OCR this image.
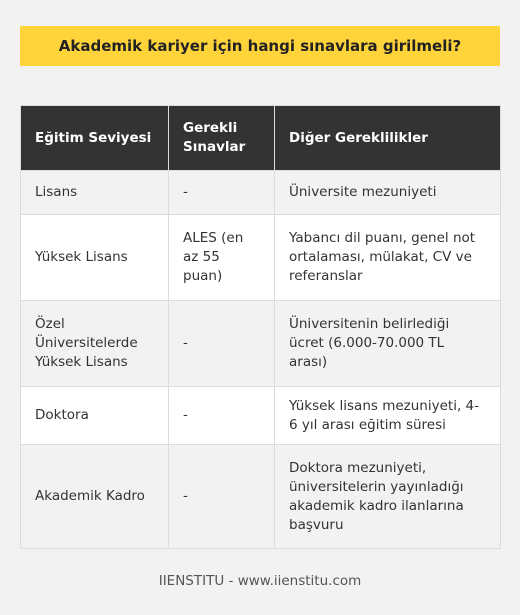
Akademik kariyer için hangi sınavlara girilmeli?
Eğitim Seviyesi	Gerekli Sınavlar	Diğer Gereklilikler
Lisans	-	Üniversite mezuniyeti
Yüksek Lisans	ALES (en az 55 puan)	Yabancı dil puanı, genel not ortalaması, mülakat, CV ve referanslar
Özel Üniversitelerde Yüksek Lisans	-	Üniversitenin belirlediği ücret (6.000-70.000 TL arası)
Doktora	-	Yüksek lisans mezuniyeti, 4-6 yıl arası eğitim süresi
Akademik Kadro	-	Doktora mezuniyeti, üniversitelerin yayınladığı akademik kadro ilanlarına başvuru
IIENSTITU - www.iienstitu.com
